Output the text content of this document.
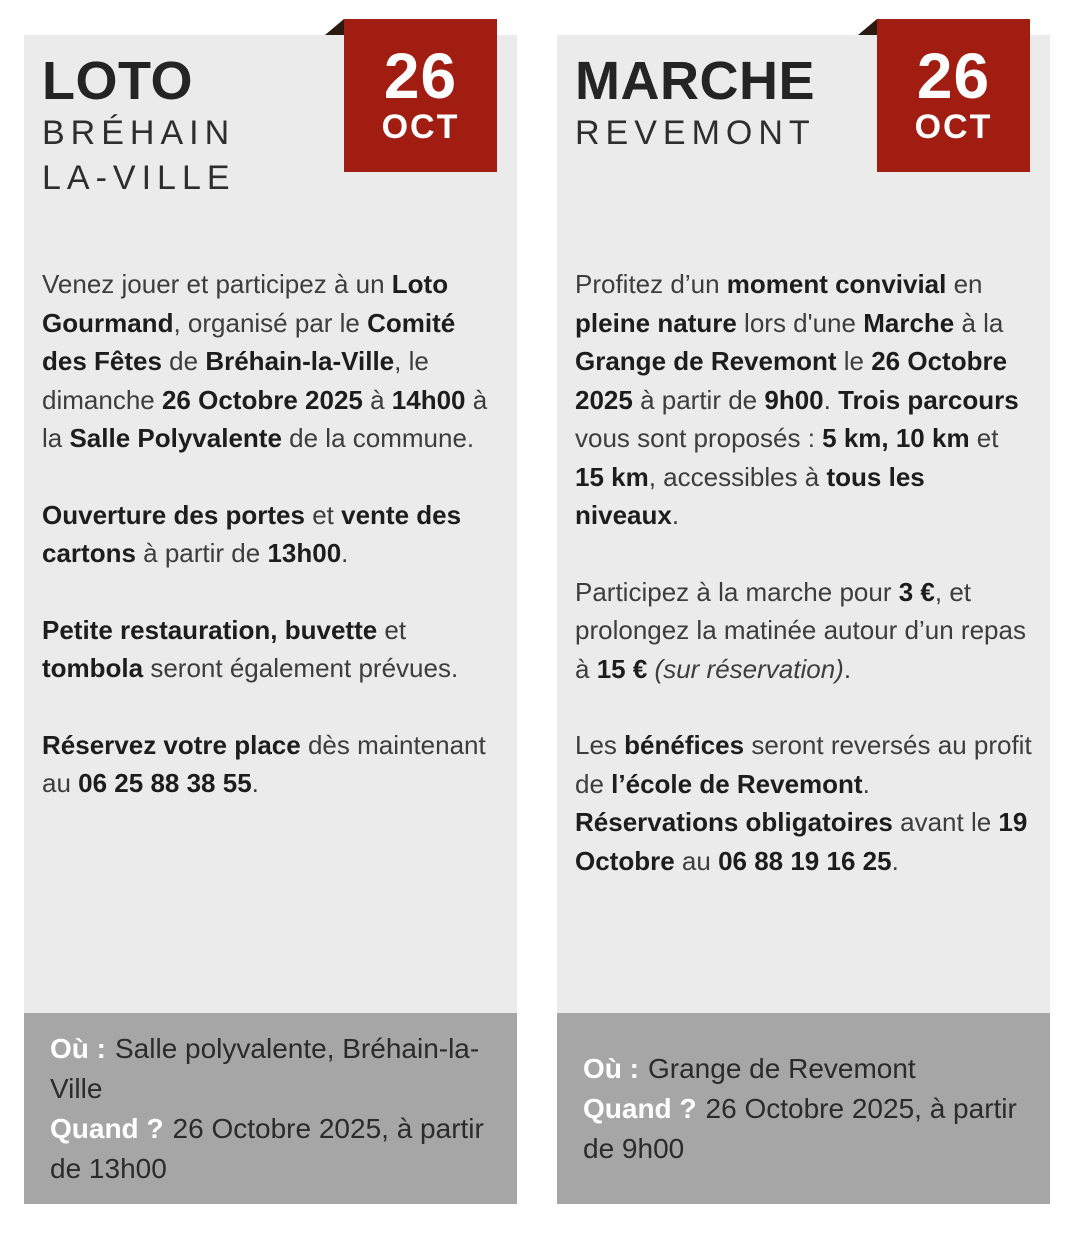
26
OCT
LOTO
BRÉHAIN
LA-VILLE

Venez jouer et participez à un Loto Gourmand, organisé par le Comité des Fêtes de Bréhain-la-Ville, le dimanche 26 Octobre 2025 à 14h00 à la Salle Polyvalente de la commune.

Ouverture des portes et vente des cartons à partir de 13h00.

Petite restauration, buvette et tombola seront également prévues.

Réservez votre place dès maintenant au 06 25 88 38 55.

Où : Salle polyvalente, Bréhain-la-Ville
Quand ? 26 Octobre 2025, à partir de 13h00
26
OCT
MARCHE
REVEMONT

Profitez d’un moment convivial en pleine nature lors d'une Marche à la Grange de Revemont le 26 Octobre 2025 à partir de 9h00. Trois parcours vous sont proposés : 5 km, 10 km et 15 km, accessibles à tous les niveaux.

Participez à la marche pour 3 €, et prolongez la matinée autour d’un repas à 15 € (sur réservation).

Les bénéfices seront reversés au profit de l’école de Revemont. Réservations obligatoires avant le 19 Octobre au 06 88 19 16 25.

Où : Grange de Revemont
Quand ? 26 Octobre 2025, à partir de 9h00
